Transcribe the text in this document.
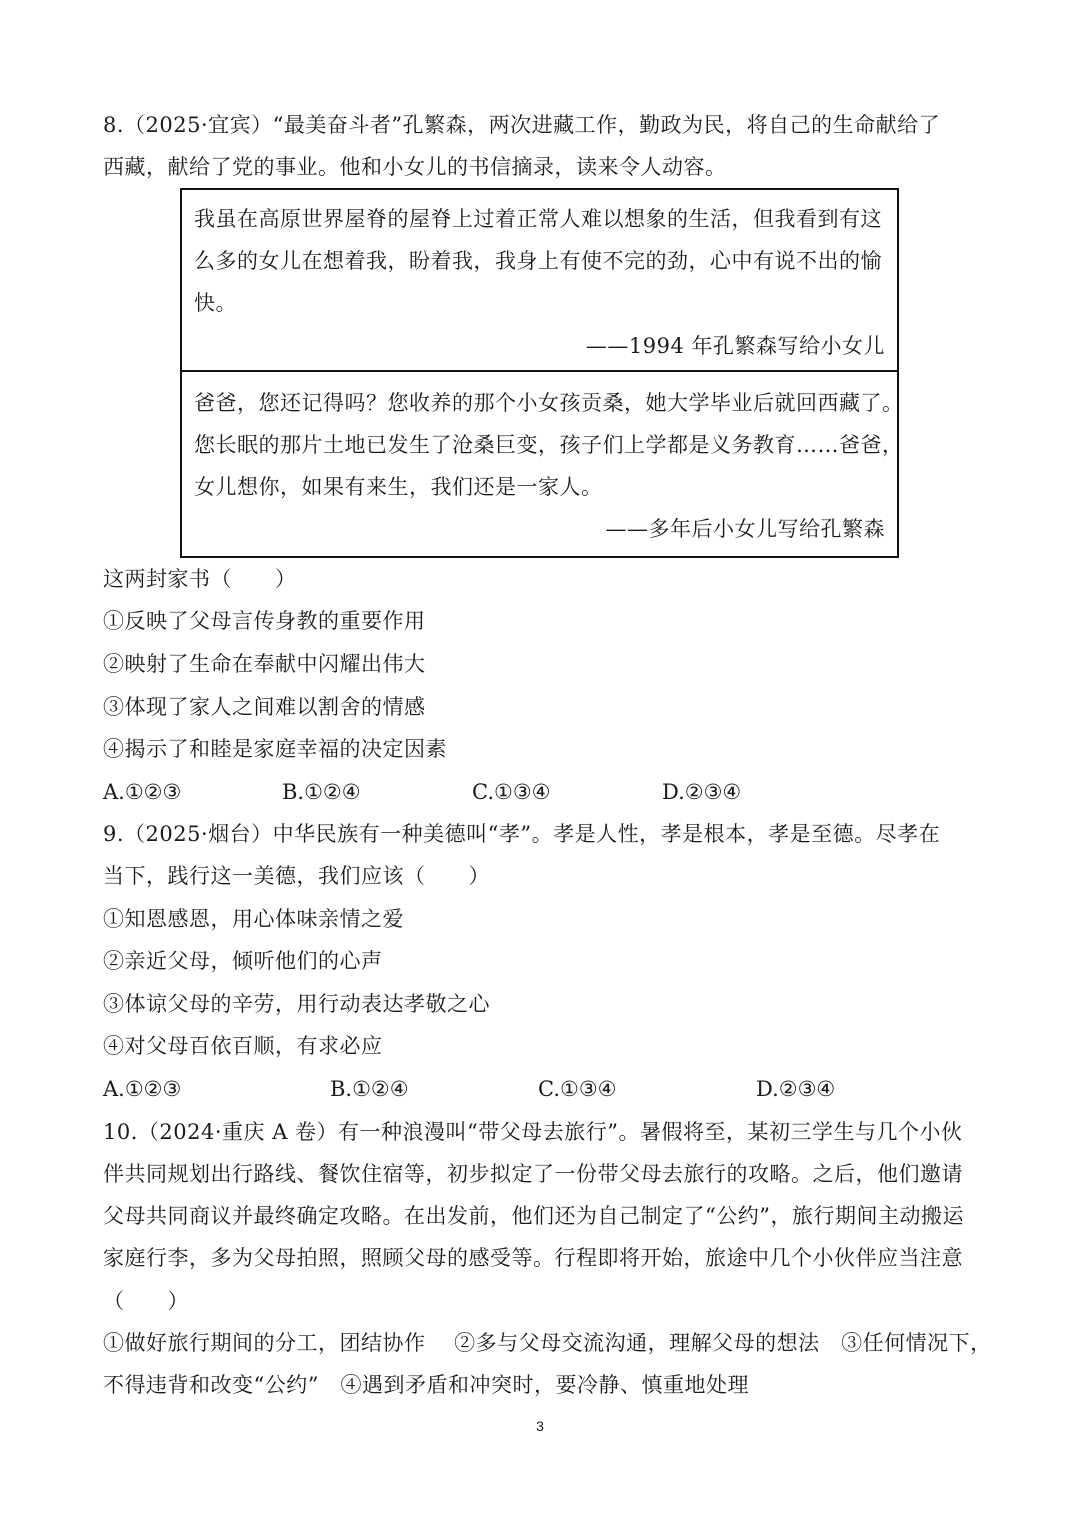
8.（2025·宜宾）“最美奋斗者”孔繁森，两次进藏工作，勤政为民，将自己的生命献给了
西藏，献给了党的事业。他和小女儿的书信摘录，读来令人动容。
我虽在高原世界屋脊的屋脊上过着正常人难以想象的生活，但我看到有这
么多的女儿在想着我，盼着我，我身上有使不完的劲，心中有说不出的愉
快。
——1994 年孔繁森写给小女儿
爸爸，您还记得吗？您收养的那个小女孩贡桑，她大学毕业后就回西藏了。
您长眠的那片土地已发生了沧桑巨变，孩子们上学都是义务教育……爸爸，
女儿想你，如果有来生，我们还是一家人。
——多年后小女儿写给孔繁森
这两封家书（　　）
①反映了父母言传身教的重要作用
②映射了生命在奉献中闪耀出伟大
③体现了家人之间难以割舍的情感
④揭示了和睦是家庭幸福的决定因素
A.①②③	B.①②④	C.①③④	D.②③④
9.（2025·烟台）中华民族有一种美德叫“孝”。孝是人性，孝是根本，孝是至德。尽孝在
当下，践行这一美德，我们应该（　　）
①知恩感恩，用心体味亲情之爱
②亲近父母，倾听他们的心声
③体谅父母的辛劳，用行动表达孝敬之心
④对父母百依百顺，有求必应
A.①②③	B.①②④	C.①③④	D.②③④
10.（2024·重庆 A 卷）有一种浪漫叫“带父母去旅行”。暑假将至，某初三学生与几个小伙
伴共同规划出行路线、餐饮住宿等，初步拟定了一份带父母去旅行的攻略。之后，他们邀请
父母共同商议并最终确定攻略。在出发前，他们还为自己制定了“公约”，旅行期间主动搬运
家庭行李，多为父母拍照，照顾父母的感受等。行程即将开始，旅途中几个小伙伴应当注意
（　　）
①做好旅行期间的分工，团结协作　 ②多与父母交流沟通，理解父母的想法　③任何情况下，
不得违背和改变“公约”　④遇到矛盾和冲突时，要冷静、慎重地处理
3
